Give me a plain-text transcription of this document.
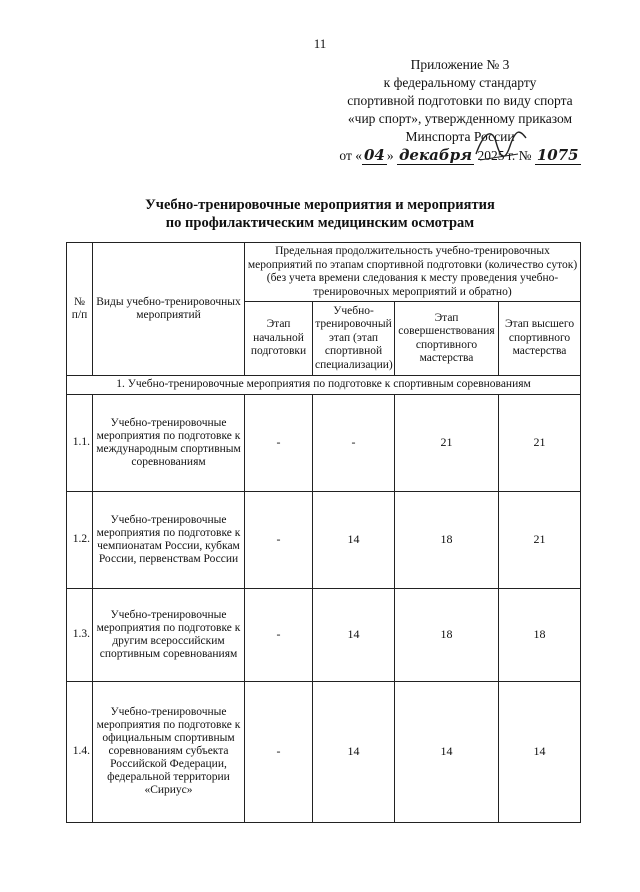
11
Приложение № 3
к федеральному стандарту
спортивной подготовки по виду спорта
«чир спорт», утвержденному приказом
Минспорта России
от « 04 » декабря 2025 г. № 1075
Учебно-тренировочные мероприятия и мероприятия
по профилактическим медицинским осмотрам
№ п/п	Виды учебно-тренировочных мероприятий	Предельная продолжительность учебно-тренировочных мероприятий по этапам спортивной подготовки (количество суток) (без учета времени следования к месту проведения учебно-тренировочных мероприятий и обратно)			
		Этап начальной подготовки	Учебно-тренировочный этап (этап спортивной специализации)	Этап совершенствования спортивного мастерства	Этап высшего спортивного мастерства
1. Учебно-тренировочные мероприятия по подготовке к спортивным соревнованиям					
1.1.	Учебно-тренировочные мероприятия по подготовке к международным спортивным соревнованиям	-	-	21	21
1.2.	Учебно-тренировочные мероприятия по подготовке к чемпионатам России, кубкам России, первенствам России	-	14	18	21
1.3.	Учебно-тренировочные мероприятия по подготовке к другим всероссийским спортивным соревнованиям	-	14	18	18
1.4.	Учебно-тренировочные мероприятия по подготовке к официальным спортивным соревнованиям субъекта Российской Федерации, федеральной территории «Сириус»	-	14	14	14
